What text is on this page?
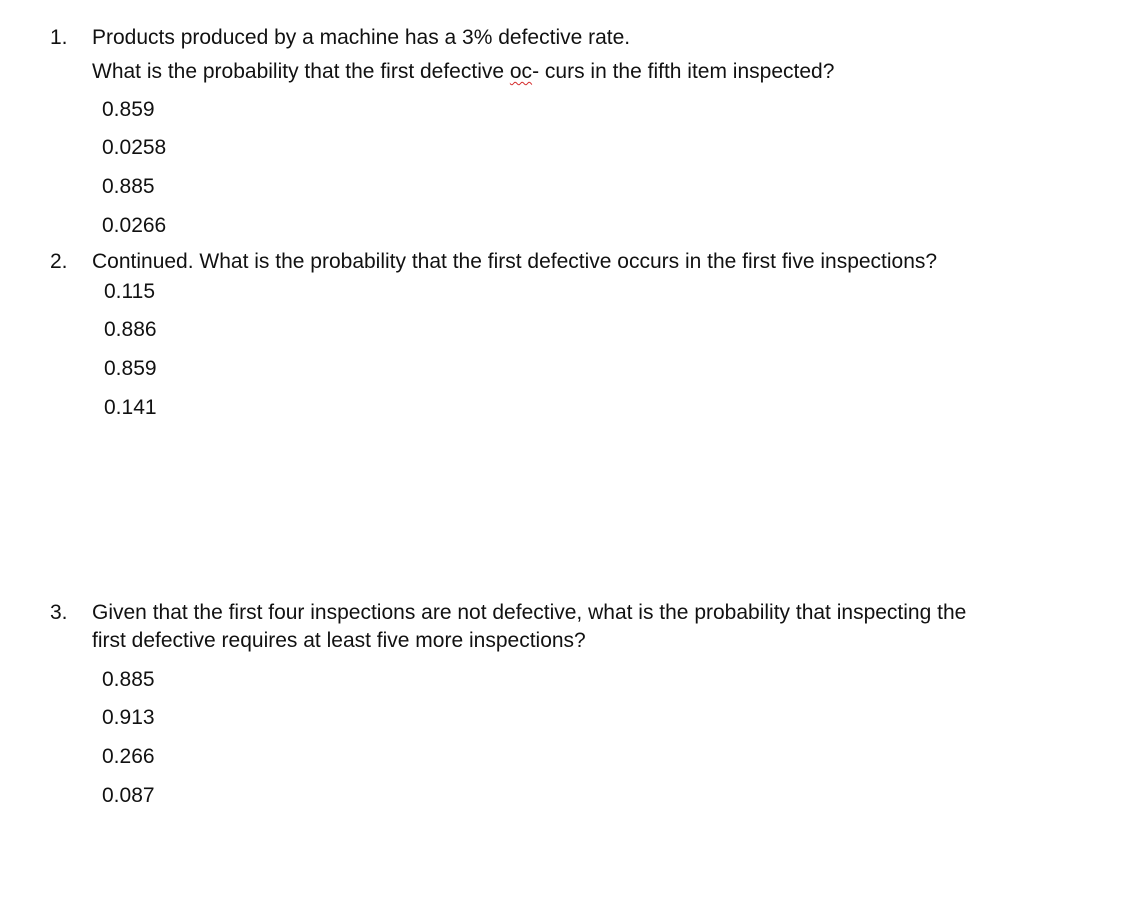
1. Products produced by a machine has a 3% defective rate.
What is the probability that the first defective oc- curs in the fifth item inspected?
0.859
0.0258
0.885
0.0266
2. Continued. What is the probability that the first defective occurs in the first five inspections?
0.115
0.886
0.859
0.141
3. Given that the first four inspections are not defective, what is the probability that inspecting the
first defective requires at least five more inspections?
0.885
0.913
0.266
0.087
